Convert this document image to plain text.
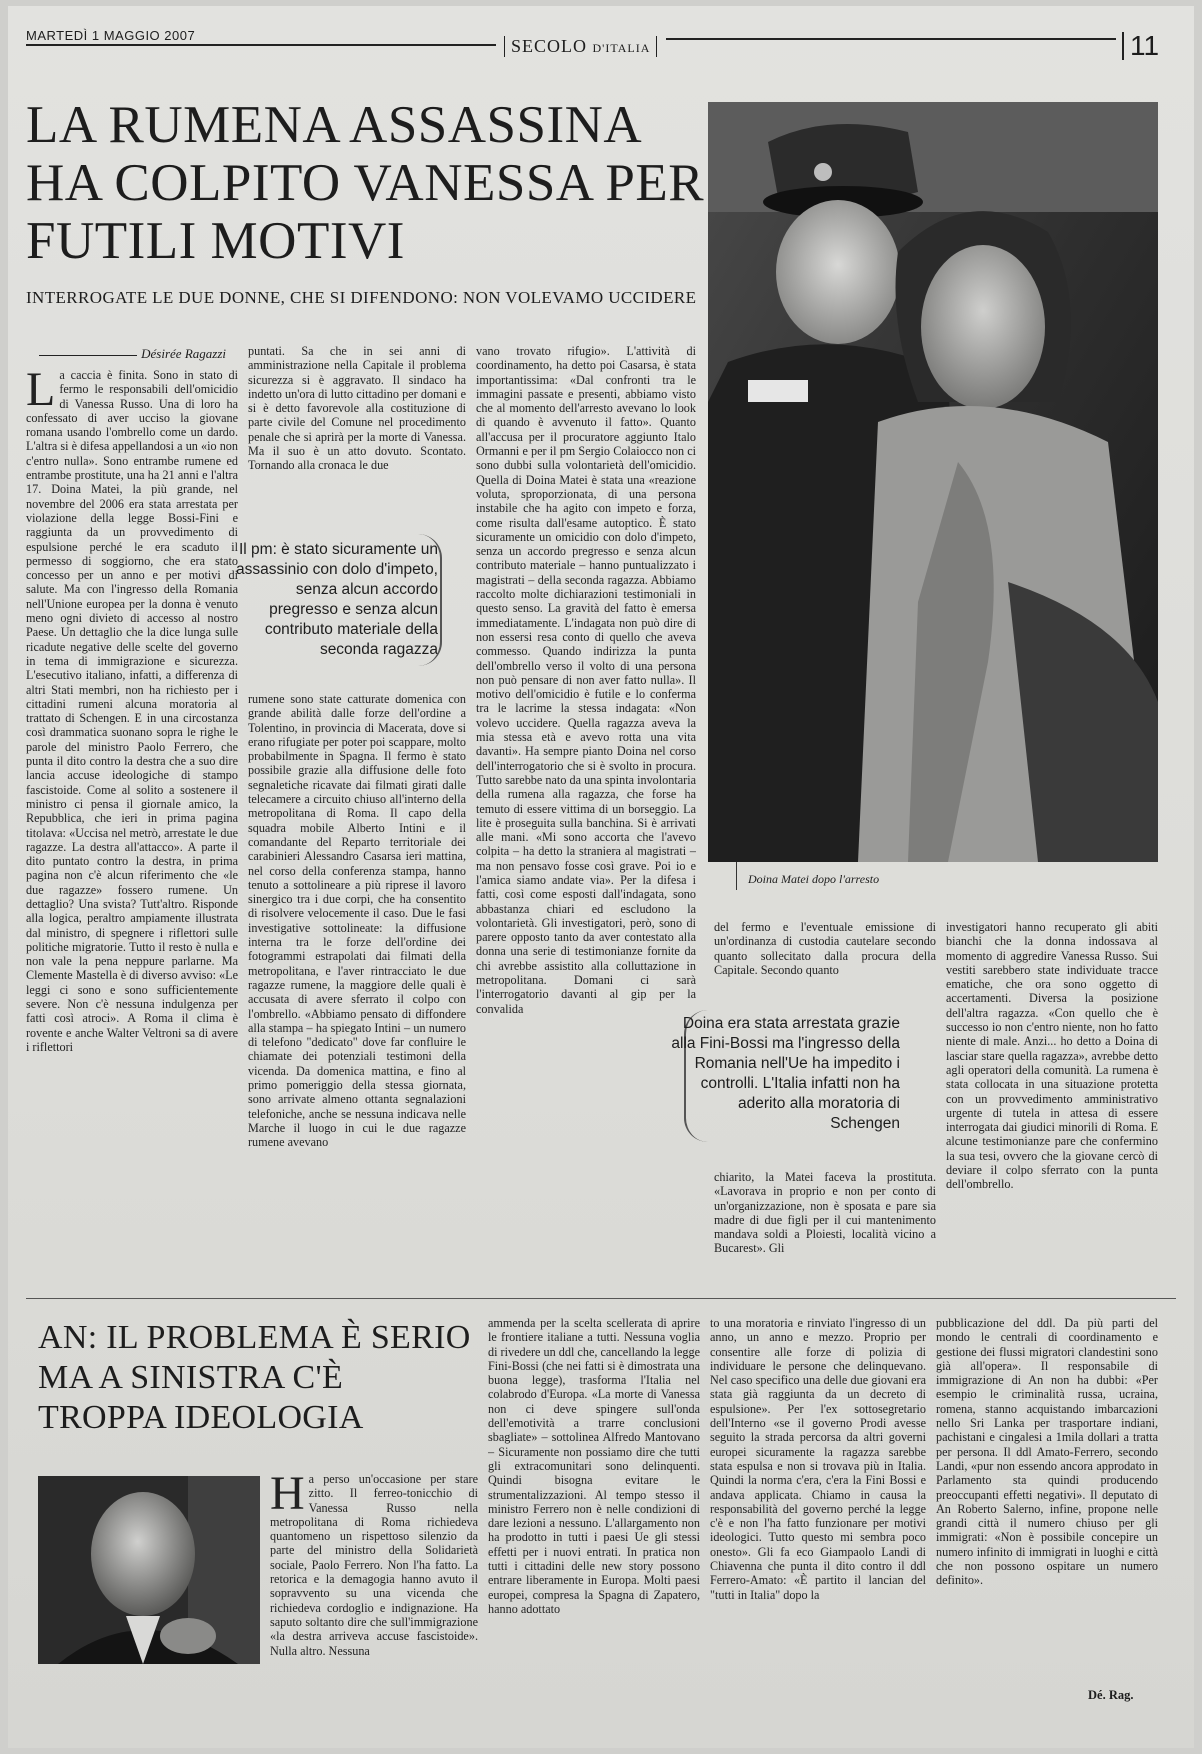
MARTEDÌ 1 MAGGIO 2007
SECOLO D'ITALIA	11
LA RUMENA ASSASSINA HA COLPITO VANESSA PER FUTILI MOTIVI
INTERROGATE LE DUE DONNE, CHE SI DIFENDONO: NON VOLEVAMO UCCIDERE
Désirée Ragazzi
L a caccia è finita. Sono in stato di fermo le responsabili dell'omicidio di Vanessa Russo. Una di loro ha confessato di aver ucciso la giovane romana usando l'ombrello come un dardo. L'altra si è difesa appellandosi a un «io non c'entro nulla». Sono entrambe rumene ed entrambe prostitute, una ha 21 anni e l'altra 17. Doina Matei, la più grande, nel novembre del 2006 era stata arrestata per violazione della legge Bossi-Fini e raggiunta da un provvedimento di espulsione perché le era scaduto il permesso di soggiorno, che era stato concesso per un anno e per motivi di salute. Ma con l'ingresso della Romania nell'Unione europea per la donna è venuto meno ogni divieto di accesso al nostro Paese. Un dettaglio che la dice lunga sulle ricadute negative delle scelte del governo in tema di immigrazione e sicurezza. L'esecutivo italiano, infatti, a differenza di altri Stati membri, non ha richiesto per i cittadini rumeni alcuna moratoria al trattato di Schengen. E in una circostanza così drammatica suonano sopra le righe le parole del ministro Paolo Ferrero, che punta il dito contro la destra che a suo dire lancia accuse ideologiche di stampo fascistoide. Come al solito a sostenere il ministro ci pensa il giornale amico, la Repubblica, che ieri in prima pagina titolava: «Uccisa nel metrò, arrestate le due ragazze. La destra all'attacco». A parte il dito puntato contro la destra, in prima pagina non c'è alcun riferimento che «le due ragazze» fossero rumene. Un dettaglio? Una svista? Tutt'altro. Risponde alla logica, peraltro ampiamente illustrata dal ministro, di spegnere i riflettori sulle politiche migratorie. Tutto il resto è nulla e non vale la pena neppure parlarne. Ma Clemente Mastella è di diverso avviso: «Le leggi ci sono e sono sufficientemente severe. Non c'è nessuna indulgenza per fatti così atroci». A Roma il clima è rovente e anche Walter Veltroni sa di avere i riflettori
puntati. Sa che in sei anni di amministrazione nella Capitale il problema sicurezza si è aggravato. Il sindaco ha indetto un'ora di lutto cittadino per domani e si è detto favorevole alla costituzione di parte civile del Comune nel procedimento penale che si aprirà per la morte di Vanessa. Ma il suo è un atto dovuto. Scontato. Tornando alla cronaca le due
Il pm: è stato sicuramente un assassinio con dolo d'impeto, senza alcun accordo pregresso e senza alcun contributo materiale della seconda ragazza
rumene sono state catturate domenica con grande abilità dalle forze dell'ordine a Tolentino, in provincia di Macerata, dove si erano rifugiate per poter poi scappare, molto probabilmente in Spagna. Il fermo è stato possibile grazie alla diffusione delle foto segnaletiche ricavate dai filmati girati dalle telecamere a circuito chiuso all'interno della metropolitana di Roma. Il capo della squadra mobile Alberto Intini e il comandante del Reparto territoriale dei carabinieri Alessandro Casarsa ieri mattina, nel corso della conferenza stampa, hanno tenuto a sottolineare a più riprese il lavoro sinergico tra i due corpi, che ha consentito di risolvere velocemente il caso. Due le fasi investigative sottolineate: la diffusione interna tra le forze dell'ordine dei fotogrammi estrapolati dai filmati della metropolitana, e l'aver rintracciato le due ragazze rumene, la maggiore delle quali è accusata di avere sferrato il colpo con l'ombrello. «Abbiamo pensato di diffondere alla stampa – ha spiegato Intini – un numero di telefono "dedicato" dove far confluire le chiamate dei potenziali testimoni della vicenda. Da domenica mattina, e fino al primo pomeriggio della stessa giornata, sono arrivate almeno ottanta segnalazioni telefoniche, anche se nessuna indicava nelle Marche il luogo in cui le due ragazze rumene avevano
vano trovato rifugio». L'attività di coordinamento, ha detto poi Casarsa, è stata importantissima: «Dal confronti tra le immagini passate e presenti, abbiamo visto che al momento dell'arresto avevano lo look di quando è avvenuto il fatto». Quanto all'accusa per il procuratore aggiunto Italo Ormanni e per il pm Sergio Colaiocco non ci sono dubbi sulla volontarietà dell'omicidio. Quella di Doina Matei è stata una «reazione voluta, sproporzionata, di una persona instabile che ha agito con impeto e forza, come risulta dall'esame autoptico. È stato sicuramente un omicidio con dolo d'impeto, senza un accordo pregresso e senza alcun contributo materiale – hanno puntualizzato i magistrati – della seconda ragazza. Abbiamo raccolto molte dichiarazioni testimoniali in questo senso. La gravità del fatto è emersa immediatamente. L'indagata non può dire di non essersi resa conto di quello che aveva commesso. Quando indirizza la punta dell'ombrello verso il volto di una persona non può pensare di non aver fatto nulla». Il motivo dell'omicidio è futile e lo conferma tra le lacrime la stessa indagata: «Non volevo uccidere. Quella ragazza aveva la mia stessa età e avevo rotta una vita davanti». Ha sempre pianto Doina nel corso dell'interrogatorio che si è svolto in procura. Tutto sarebbe nato da una spinta involontaria della rumena alla ragazza, che forse ha temuto di essere vittima di un borseggio. La lite è proseguita sulla banchina. Si è arrivati alle mani. «Mi sono accorta che l'avevo colpita – ha detto la straniera al magistrati – ma non pensavo fosse così grave. Poi io e l'amica siamo andate via». Per la difesa i fatti, così come esposti dall'indagata, sono abbastanza chiari ed escludono la volontarietà. Gli investigatori, però, sono di parere opposto tanto da aver contestato alla donna una serie di testimonianze fornite da chi avrebbe assistito alla colluttazione in metropolitana. Domani ci sarà l'interrogatorio davanti al gip per la convalida
Doina Matei dopo l'arresto
del fermo e l'eventuale emissione di un'ordinanza di custodia cautelare secondo quanto sollecitato dalla procura della Capitale. Secondo quanto
Doina era stata arrestata grazie alla Fini-Bossi ma l'ingresso della Romania nell'Ue ha impedito i controlli. L'Italia infatti non ha aderito alla moratoria di Schengen
chiarito, la Matei faceva la prostituta. «Lavorava in proprio e non per conto di un'organizzazione, non è sposata e pare sia madre di due figli per il cui mantenimento mandava soldi a Ploiesti, località vicino a Bucarest». Gli
investigatori hanno recuperato gli abiti bianchi che la donna indossava al momento di aggredire Vanessa Russo. Sui vestiti sarebbero state individuate tracce ematiche, che ora sono oggetto di accertamenti. Diversa la posizione dell'altra ragazza. «Con quello che è successo io non c'entro niente, non ho fatto niente di male. Anzi... ho detto a Doina di lasciar stare quella ragazza», avrebbe detto agli operatori della comunità. La rumena è stata collocata in una situazione protetta con un provvedimento amministrativo urgente di tutela in attesa di essere interrogata dai giudici minorili di Roma. E alcune testimonianze pare che confermino la sua tesi, ovvero che la giovane cercò di deviare il colpo sferrato con la punta dell'ombrello.
AN: IL PROBLEMA È SERIO MA A SINISTRA C'È TROPPA IDEOLOGIA
H a perso un'occasione per stare zitto. Il ferreo-tonicchio di Vanessa Russo nella metropolitana di Roma richiedeva quantomeno un rispettoso silenzio da parte del ministro della Solidarietà sociale, Paolo Ferrero. Non l'ha fatto. La retorica e la demagogia hanno avuto il sopravvento su una vicenda che richiedeva cordoglio e indignazione. Ha saputo soltanto dire che sull'immigrazione «la destra arriveva accuse fascistoide». Nulla altro. Nessuna
ammenda per la scelta scellerata di aprire le frontiere italiane a tutti. Nessuna voglia di rivedere un ddl che, cancellando la legge Fini-Bossi (che nei fatti si è dimostrata una buona legge), trasforma l'Italia nel colabrodo d'Europa. «La morte di Vanessa non ci deve spingere sull'onda dell'emotività a trarre conclusioni sbagliate» – sottolinea Alfredo Mantovano – Sicuramente non possiamo dire che tutti gli extracomunitari sono delinquenti. Quindi bisogna evitare le strumentalizzazioni. Al tempo stesso il ministro Ferrero non è nelle condizioni di dare lezioni a nessuno. L'allargamento non ha prodotto in tutti i paesi Ue gli stessi effetti per i nuovi entrati. In pratica non tutti i cittadini delle new story possono entrare liberamente in Europa. Molti paesi europei, compresa la Spagna di Zapatero, hanno adottato
to una moratoria e rinviato l'ingresso di un anno, un anno e mezzo. Proprio per consentire alle forze di polizia di individuare le persone che delinquevano. Nel caso specifico una delle due giovani era stata già raggiunta da un decreto di espulsione». Per l'ex sottosegretario dell'Interno «se il governo Prodi avesse seguito la strada percorsa da altri governi europei sicuramente la ragazza sarebbe stata espulsa e non si trovava più in Italia. Quindi la norma c'era, c'era la Fini Bossi e andava applicata. Chiamo in causa la responsabilità del governo perché la legge c'è e non l'ha fatto funzionare per motivi ideologici. Tutto questo mi sembra poco onesto». Gli fa eco Giampaolo Landi di Chiavenna che punta il dito contro il ddl Ferrero-Amato: «È partito il lancian del "tutti in Italia" dopo la
pubblicazione del ddl. Da più parti del mondo le centrali di coordinamento e gestione dei flussi migratori clandestini sono già all'opera». Il responsabile di immigrazione di An non ha dubbi: «Per esempio le criminalità russa, ucraina, romena, stanno acquistando imbarcazioni nello Sri Lanka per trasportare indiani, pachistani e cingalesi a 1mila dollari a tratta per persona. Il ddl Amato-Ferrero, secondo Landi, «pur non essendo ancora approdato in Parlamento sta quindi producendo preoccupanti effetti negativi». Il deputato di An Roberto Salerno, infine, propone nelle grandi città il numero chiuso per gli immigrati: «Non è possibile concepire un numero infinito di immigrati in luoghi e città che non possono ospitare un numero definito».
Dé. Rag.
